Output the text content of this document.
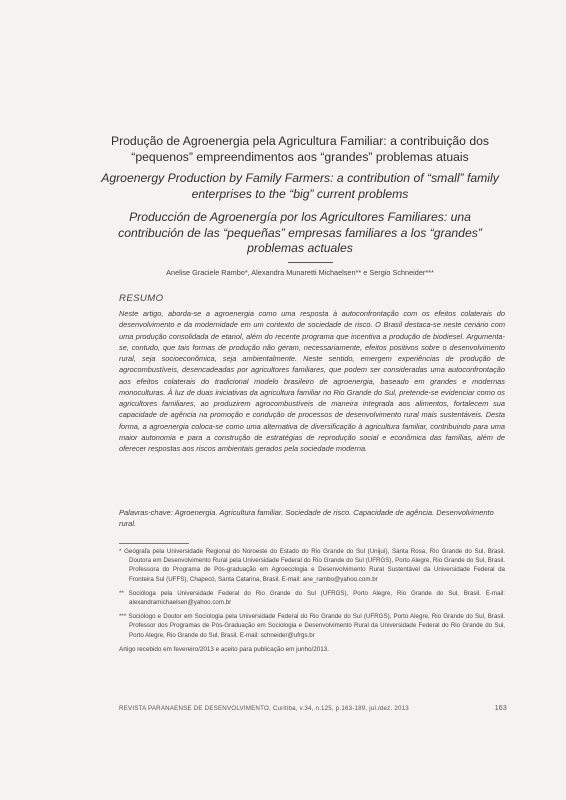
Produção de Agroenergia pela Agricultura Familiar: a contribuição dos “pequenos” empreendimentos aos “grandes” problemas atuais

Agroenergy Production by Family Farmers: a contribution of “small” family enterprises to the “big” current problems

Producción de Agroenergía por los Agricultores Familiares: una contribución de las “pequeñas” empresas familiares a los “grandes” problemas actuales

Anelise Graciele Rambo*, Alexandra Munaretti Michaelsen** e Sergio Schneider***

RESUMO

Neste artigo, aborda-se a agroenergia como uma resposta à autoconfrontação com os efeitos colaterais do desenvolvimento e da modernidade em um contexto de sociedade de risco. O Brasil destaca-se neste cenário com uma produção consolidada de etanol, além do recente programa que incentiva a produção de biodiesel. Argumenta-se, contudo, que tais formas de produção não geram, necessariamente, efeitos positivos sobre o desenvolvimento rural, seja socioeconômica, seja ambientalmente. Neste sentido, emergem experiências de produção de agrocombustíveis, desencadeadas por agricultores familiares, que podem ser consideradas uma autoconfrontação aos efeitos colaterais do tradicional modelo brasileiro de agroenergia, baseado em grandes e modernas monoculturas. À luz de duas iniciativas da agricultura familiar no Rio Grande do Sul, pretende-se evidenciar como os agricultores familiares, ao produzirem agrocombustíveis de maneira integrada aos alimentos, fortalecem sua capacidade de agência na promoção e condução de processos de desenvolvimento rural mais sustentáveis. Desta forma, a agroenergia coloca-se como uma alternativa de diversificação à agricultura familiar, contribuindo para uma maior autonomia e para a construção de estratégias de reprodução social e econômica das famílias, além de oferecer respostas aos riscos ambientais gerados pela sociedade moderna.

Palavras-chave: Agroenergia. Agricultura familiar. Sociedade de risco. Capacidade de agência. Desenvolvimento rural.

* Geógrafa pela Universidade Regional do Noroeste do Estado do Rio Grande do Sul (Unijuí), Santa Rosa, Rio Grande do Sul, Brasil. Doutora em Desenvolvimento Rural pela Universidade Federal do Rio Grande do Sul (UFRGS), Porto Alegre, Rio Grande do Sul, Brasil. Professora do Programa de Pós-graduação em Agroecologia e Desenvolvimento Rural Sustentável da Universidade Federal da Fronteira Sul (UFFS), Chapecó, Santa Catarina, Brasil. E-mail: ane_rambo@yahoo.com.br

** Socióloga pela Universidade Federal do Rio Grande do Sul (UFRGS), Porto Alegre, Rio Grande do Sul, Brasil. E-mail: alexandramichaelsen@yahoo.com.br

*** Sociólogo e Doutor em Sociologia pela Universidade Federal do Rio Grande do Sul (UFRGS), Porto Alegre, Rio Grande do Sul, Brasil. Professor dos Programas de Pós-Graduação em Sociologia e Desenvolvimento Rural da Universidade Federal do Rio Grande do Sul, Porto Alegre, Rio Grande do Sul, Brasil. E-mail: schneider@ufrgs.br

Artigo recebido em fevereiro/2013 e aceito para publicação em junho/2013.

REVISTA PARANAENSE DE DESENVOLVIMENTO, Curitiba, v.34, n.125, p.163-189, jul./dez. 2013	163
